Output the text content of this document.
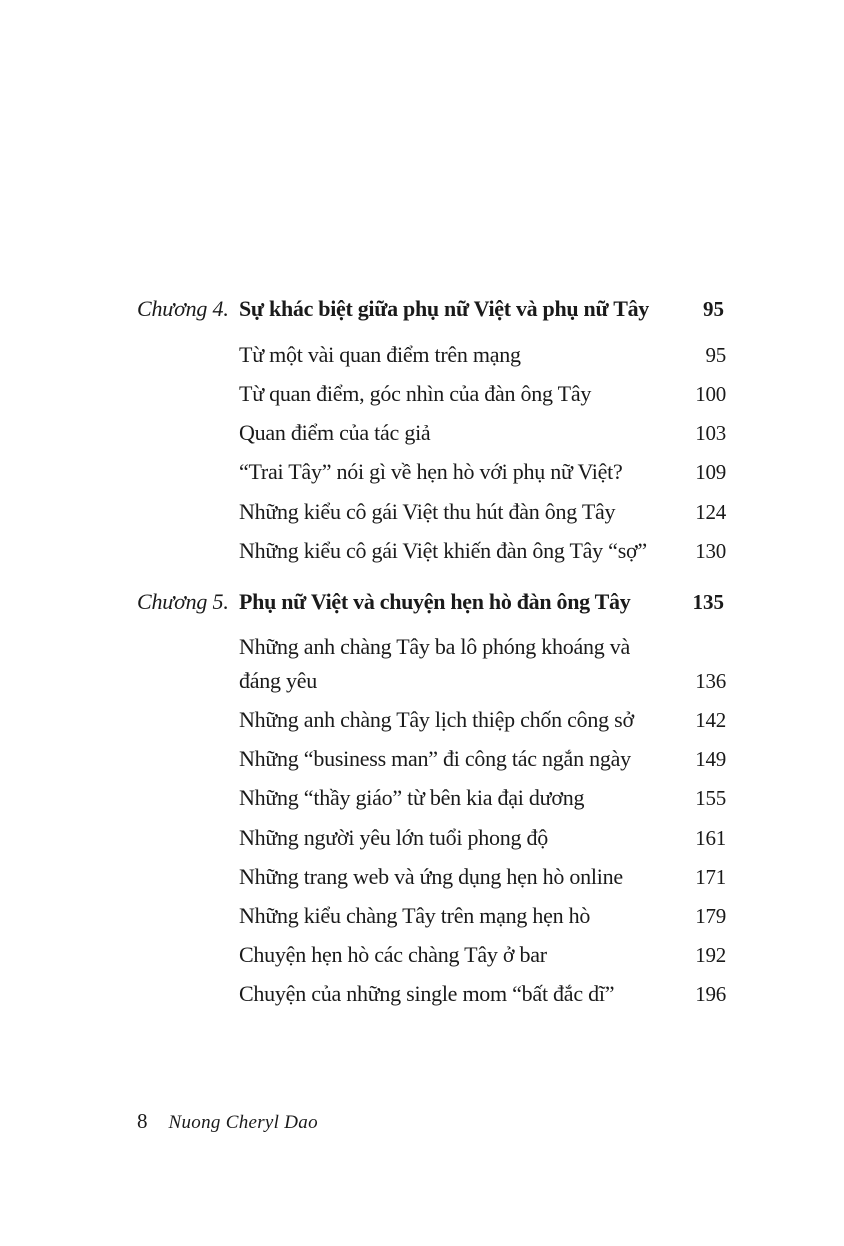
Chương 4. Sự khác biệt giữa phụ nữ Việt và phụ nữ Tây	95
Từ một vài quan điểm trên mạng	95
Từ quan điểm, góc nhìn của đàn ông Tây	100
Quan điểm của tác giả	103
“Trai Tây” nói gì về hẹn hò với phụ nữ Việt?	109
Những kiểu cô gái Việt thu hút đàn ông Tây	124
Những kiểu cô gái Việt khiến đàn ông Tây “sợ”	130
Chương 5. Phụ nữ Việt và chuyện hẹn hò đàn ông Tây	135
Những anh chàng Tây ba lô phóng khoáng và đáng yêu	136
Những anh chàng Tây lịch thiệp chốn công sở	142
Những “business man” đi công tác ngắn ngày	149
Những “thầy giáo” từ bên kia đại dương	155
Những người yêu lớn tuổi phong độ	161
Những trang web và ứng dụng hẹn hò online	171
Những kiểu chàng Tây trên mạng hẹn hò	179
Chuyện hẹn hò các chàng Tây ở bar	192
Chuyện của những single mom “bất đắc dĩ”	196
8 Nuong Cheryl Dao
